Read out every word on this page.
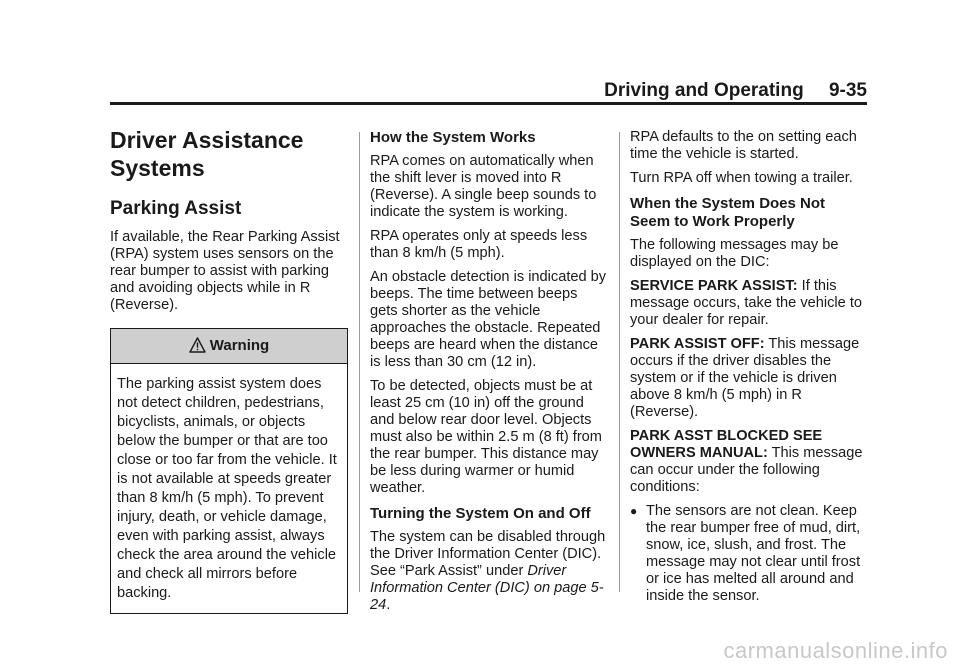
Driving and Operating 9-35
Driver Assistance
Systems
Parking Assist

If available, the Rear Parking Assist (RPA) system uses sensors on the rear bumper to assist with parking and avoiding objects while in R (Reverse).

Warning
The parking assist system does not detect children, pedestrians, bicyclists, animals, or objects below the bumper or that are too close or too far from the vehicle. It is not available at speeds greater than 8 km/h (5 mph). To prevent injury, death, or vehicle damage, even with parking assist, always check the area around the vehicle and check all mirrors before backing.
How the System Works

RPA comes on automatically when the shift lever is moved into R (Reverse). A single beep sounds to indicate the system is working.

RPA operates only at speeds less than 8 km/h (5 mph).

An obstacle detection is indicated by beeps. The time between beeps gets shorter as the vehicle approaches the obstacle. Repeated beeps are heard when the distance is less than 30 cm (12 in).

To be detected, objects must be at least 25 cm (10 in) off the ground and below rear door level. Objects must also be within 2.5 m (8 ft) from the rear bumper. This distance may be less during warmer or humid weather.

Turning the System On and Off

The system can be disabled through the Driver Information Center (DIC). See “Park Assist” under Driver Information Center (DIC) on page 5-24.

RPA defaults to the on setting each time the vehicle is started.

Turn RPA off when towing a trailer.

When the System Does Not Seem to Work Properly

The following messages may be displayed on the DIC:

SERVICE PARK ASSIST: If this message occurs, take the vehicle to your dealer for repair.

PARK ASSIST OFF: This message occurs if the driver disables the system or if the vehicle is driven above 8 km/h (5 mph) in R (Reverse).

PARK ASST BLOCKED SEE OWNERS MANUAL: This message can occur under the following conditions:

● The sensors are not clean. Keep the rear bumper free of mud, dirt, snow, ice, slush, and frost. The message may not clear until frost or ice has melted all around and inside the sensor.
carmanualsonline.info
